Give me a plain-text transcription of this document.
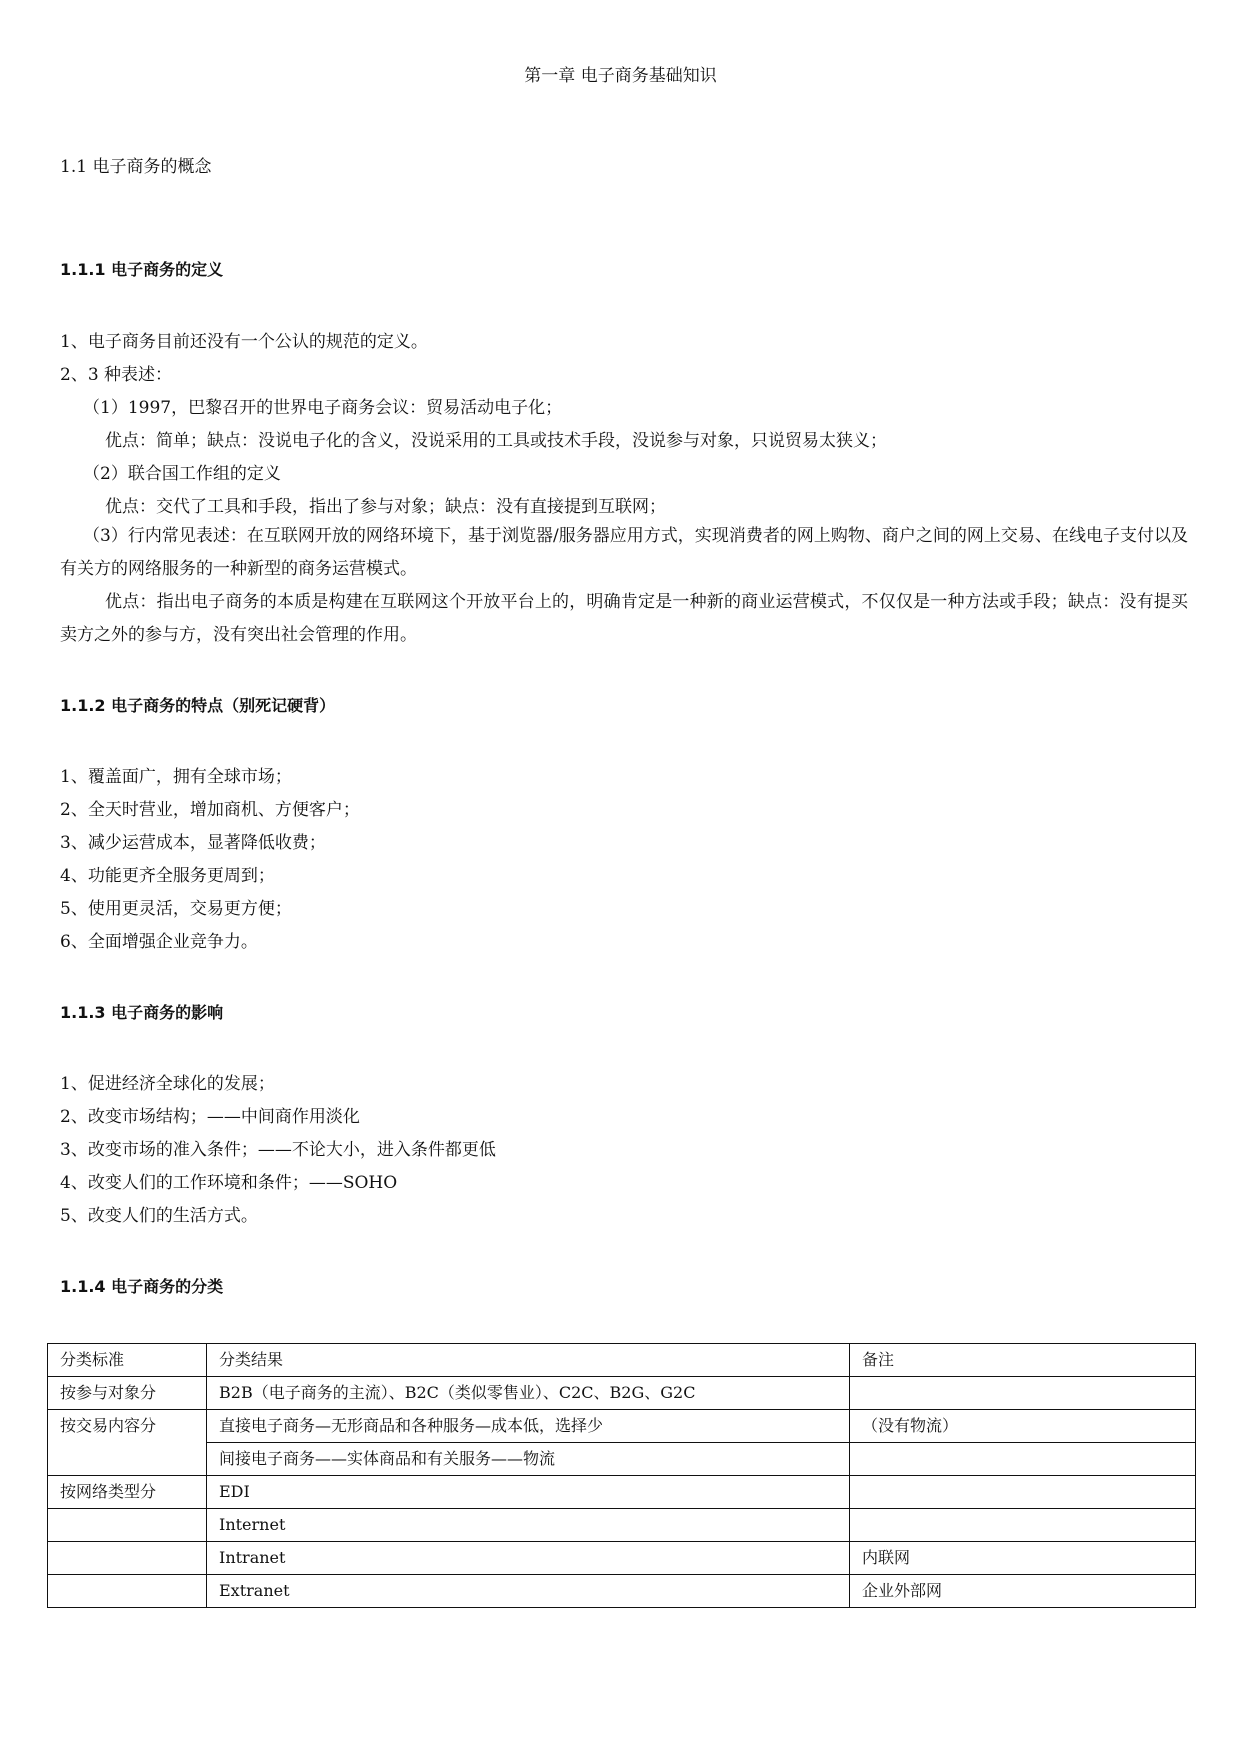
第一章 电子商务基础知识
1.1 电子商务的概念
1.1.1 电子商务的定义
1、电子商务目前还没有一个公认的规范的定义。
2、3 种表述：
（1）1997，巴黎召开的世界电子商务会议：贸易活动电子化；
优点：简单；缺点：没说电子化的含义，没说采用的工具或技术手段，没说参与对象，只说贸易太狭义；
（2）联合国工作组的定义
优点：交代了工具和手段，指出了参与对象；缺点：没有直接提到互联网；
（3）行内常见表述：在互联网开放的网络环境下，基于浏览器/服务器应用方式，实现消费者的网上购物、商户之间的网上交易、在线电子支付以及有关方的网络服务的一种新型的商务运营模式。
优点：指出电子商务的本质是构建在互联网这个开放平台上的，明确肯定是一种新的商业运营模式，不仅仅是一种方法或手段；缺点：没有提买卖方之外的参与方，没有突出社会管理的作用。
1.1.2 电子商务的特点（别死记硬背）
1、覆盖面广，拥有全球市场；
2、全天时营业，增加商机、方便客户；
3、减少运营成本，显著降低收费；
4、功能更齐全服务更周到；
5、使用更灵活，交易更方便；
6、全面增强企业竞争力。
1.1.3 电子商务的影响
1、促进经济全球化的发展；
2、改变市场结构；——中间商作用淡化
3、改变市场的准入条件；——不论大小，进入条件都更低
4、改变人们的工作环境和条件；——SOHO
5、改变人们的生活方式。
1.1.4 电子商务的分类
分类标准	分类结果	备注
按参与对象分	B2B（电子商务的主流）、B2C（类似零售业）、C2C、B2G、G2C	
按交易内容分	直接电子商务—无形商品和各种服务—成本低，选择少	（没有物流）
	间接电子商务——实体商品和有关服务——物流	
按网络类型分	EDI	
	Internet	
	Intranet	内联网
	Extranet	企业外部网
